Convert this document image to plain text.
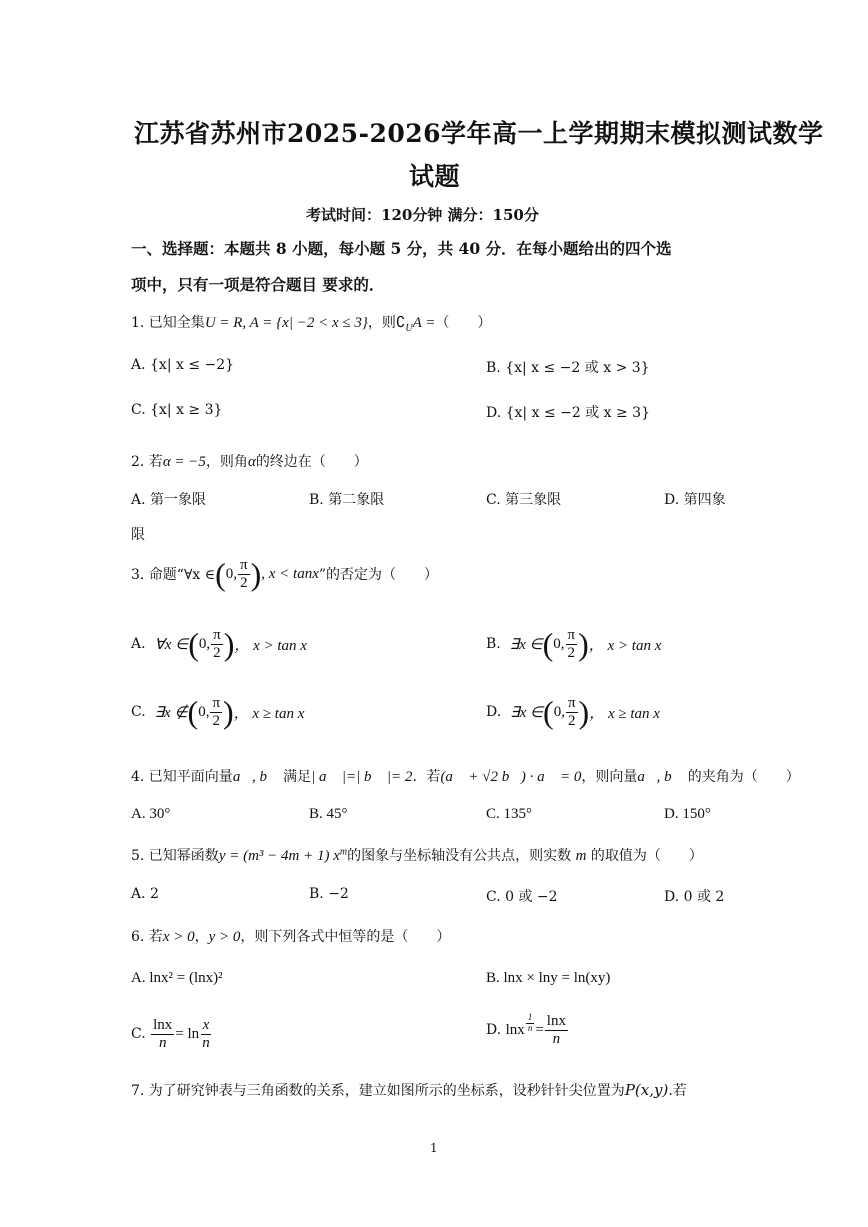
江苏省苏州市2025-2026学年高一上学期期末模拟测试数学
试题
考试时间：120分钟 满分：150分
一、选择题：本题共 8 小题，每小题 5 分，共 40 分．在每小题给出的四个选
项中，只有一项是符合题目 要求的．
1. 已知全集U = R, A = {x| −2 < x ≤ 3}，则$∁_UA$ =（　　）
A. {x| x ≤ −2}	B. {x| x ≤ −2 或 x > 3}
C. {x| x ≥ 3}	D. {x| x ≤ −2 或 x ≥ 3}
2. 若α = −5，则角α的终边在（　　）
A. 第一象限	B. 第二象限	C. 第三象限	D. 第四象
限
3. 命题“∀x ∈ ( 0, $\frac{\pi}{2}$ ) , x < tanx ”的否定为（　　）
A.
∀x ∈ ( 0, $\frac{\pi}{2}$ ) ， x > tan x	B.
∃x ∈ ( 0, $\frac{\pi}{2}$ ) ， x > tan x
C.
∃x ∉ ( 0, $\frac{\pi}{2}$ ) ， x ≥ tan x	D.
∃x ∈ ( 0, $\frac{\pi}{2}$ ) ， x ≥ tan x
4. 已知平面向量a⃗, b⃗ 满足| a⃗ |=| b⃗ |= 2．若(a⃗ + √2 b⃗) · a⃗ = 0，则向量a⃗, b⃗ 的夹角为（　　）
A. 30°	B. 45°	C. 135°	D. 150°
5. 已知幂函数y = (m³ − 4m + 1) $x^m$的图象与坐标轴没有公共点，则实数 m 的取值为（　　）
A. 2	B. −2	C. 0 或 −2	D. 0 或 2
6. 若x > 0，y > 0，则下列各式中恒等的是（　　）
A. lnx² = (lnx)²	B. lnx × lny = ln(xy)
C.
$\frac{\ln x}{n} = \ln \frac{x}{n}$	D.
lnx $\frac{1}{n} = \frac{\ln x}{n}$
7. 为了研究钟表与三角函数的关系，建立如图所示的坐标系，设秒针针尖位置为P(x,y).若
1
